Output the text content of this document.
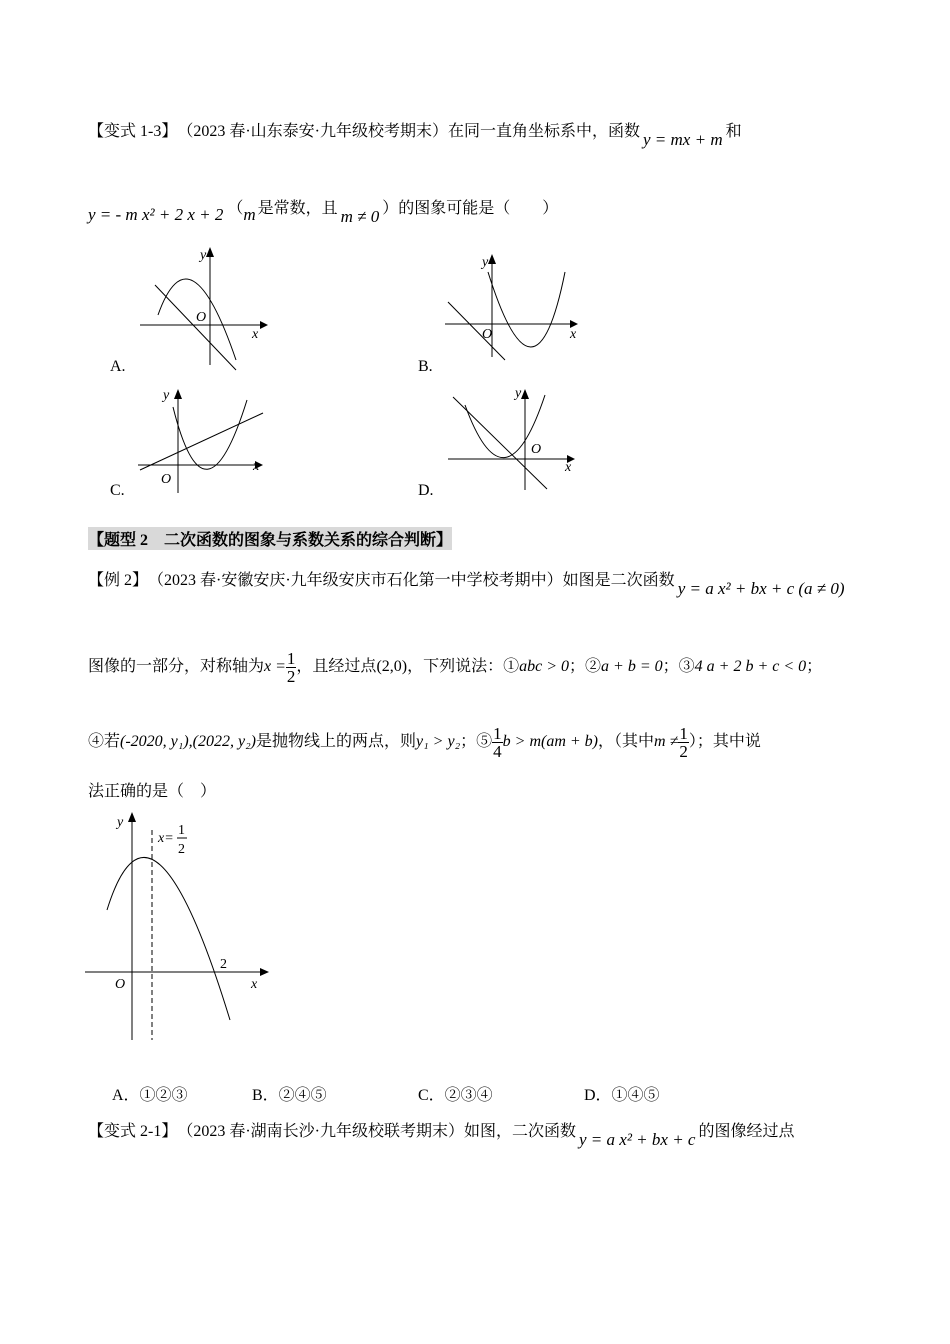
【变式 1-3】 （2023 春·山东泰安·九年级校考期末）在同一直角坐标系中，函数 y = mx + m 和
y = - m x² + 2 x + 2 （ m 是常数，且 m ≠ 0 ）的图象可能是（　　）
O
x
y
A.
O	x
y
B.
O
x
y
C.
O
x
y
D.
【题型 2　二次函数的图象与系数关系的综合判断】
【例 2】 （2023 春·安徽安庆·九年级安庆市石化第一中学校考期中）如图是二次函数 y = a x² + bx + c (a ≠ 0)
图像的一部分，对称轴为$x = \frac{1}{2}$ ，且经过点(2,0)，下列说法：①abc > 0；②a + b = 0；③4 a + 2 b + c < 0；
④若(-2020, y₁),(2022, y₂)是抛物线上的两点，则y₁ > y₂；⑤ $\frac{1}{4}$ b > m(am + b)，（其中$m \ne \frac{1}{2}$ ）；其中说
法正确的是（　）
O	x
y
x=
1
2
2
A．①②③	B．②④⑤	C．②③④	D．①④⑤
【变式 2-1】 （2023 春·湖南长沙·九年级校联考期末）如图，二次函数 y = a x² + bx + c 的图像经过点
